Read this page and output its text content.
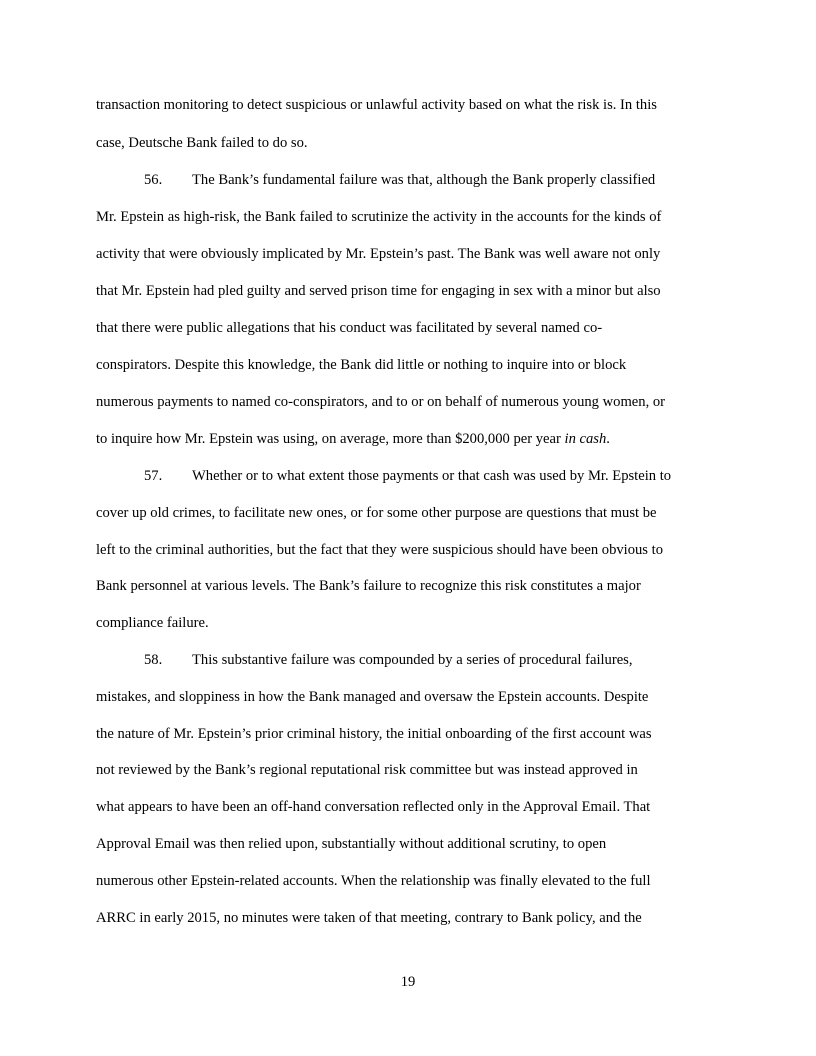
transaction monitoring to detect suspicious or unlawful activity based on what the risk is. In this
case, Deutsche Bank failed to do so.
56. The Bank’s fundamental failure was that, although the Bank properly classified
Mr. Epstein as high-risk, the Bank failed to scrutinize the activity in the accounts for the kinds of
activity that were obviously implicated by Mr. Epstein’s past. The Bank was well aware not only
that Mr. Epstein had pled guilty and served prison time for engaging in sex with a minor but also
that there were public allegations that his conduct was facilitated by several named co-
conspirators. Despite this knowledge, the Bank did little or nothing to inquire into or block
numerous payments to named co-conspirators, and to or on behalf of numerous young women, or
to inquire how Mr. Epstein was using, on average, more than $200,000 per year in cash.
57. Whether or to what extent those payments or that cash was used by Mr. Epstein to
cover up old crimes, to facilitate new ones, or for some other purpose are questions that must be
left to the criminal authorities, but the fact that they were suspicious should have been obvious to
Bank personnel at various levels. The Bank’s failure to recognize this risk constitutes a major
compliance failure.
58. This substantive failure was compounded by a series of procedural failures,
mistakes, and sloppiness in how the Bank managed and oversaw the Epstein accounts. Despite
the nature of Mr. Epstein’s prior criminal history, the initial onboarding of the first account was
not reviewed by the Bank’s regional reputational risk committee but was instead approved in
what appears to have been an off-hand conversation reflected only in the Approval Email. That
Approval Email was then relied upon, substantially without additional scrutiny, to open
numerous other Epstein-related accounts. When the relationship was finally elevated to the full
ARRC in early 2015, no minutes were taken of that meeting, contrary to Bank policy, and the
19
